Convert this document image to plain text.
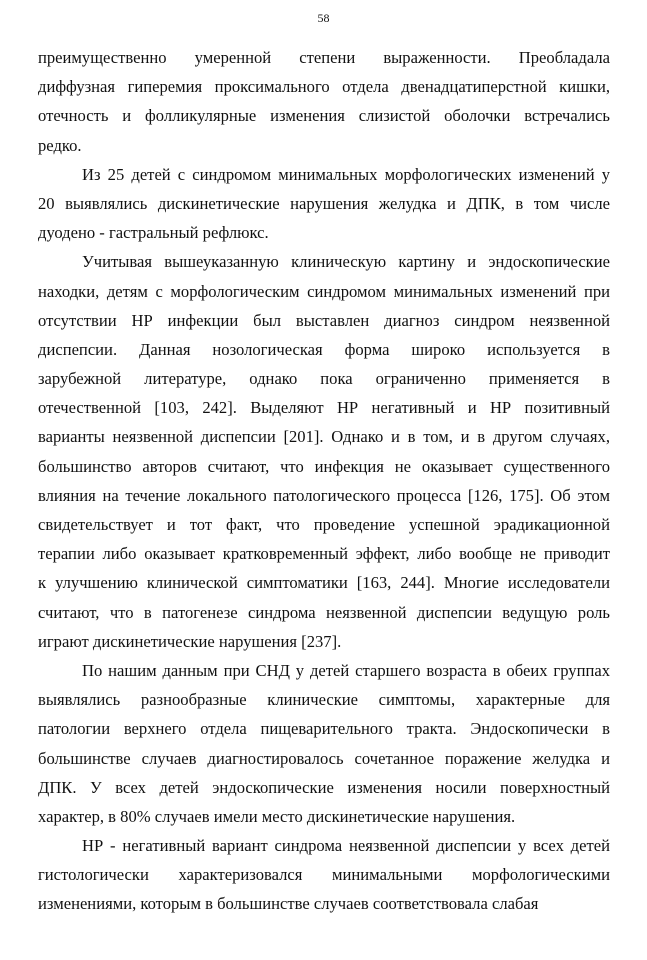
58
преимущественно умеренной степени выраженности. Преобладала
диффузная гиперемия проксимального отдела двенадцатиперстной кишки,
отечность и фолликулярные изменения слизистой оболочки встречались
редко.
Из 25 детей с синдромом минимальных морфологических изменений у
20 выявлялись дискинетические нарушения желудка и ДПК, в том числе
дуодено - гастральный рефлюкс.
Учитывая вышеуказанную клиническую картину и эндоскопические
находки, детям с морфологическим синдромом минимальных изменений при
отсутствии НР инфекции был выставлен диагноз синдром неязвенной
диспепсии. Данная нозологическая форма широко используется в
зарубежной литературе, однако пока ограниченно применяется в
отечественной [103, 242]. Выделяют НР негативный и НР позитивный
варианты неязвенной диспепсии [201]. Однако и в том, и в другом случаях,
большинство авторов считают, что инфекция не оказывает существенного
влияния на течение локального патологического процесса [126, 175]. Об этом
свидетельствует и тот факт, что проведение успешной эрадикационной
терапии либо оказывает кратковременный эффект, либо вообще не приводит
к улучшению клинической симптоматики [163, 244]. Многие исследователи
считают, что в патогенезе синдрома неязвенной диспепсии ведущую роль
играют дискинетические нарушения [237].
По нашим данным при СНД у детей старшего возраста в обеих группах
выявлялись разнообразные клинические симптомы, характерные для
патологии верхнего отдела пищеварительного тракта. Эндоскопически в
большинстве случаев диагностировалось сочетанное поражение желудка и
ДПК. У всех детей эндоскопические изменения носили поверхностный
характер, в 80% случаев имели место дискинетические нарушения.
НР - негативный вариант синдрома неязвенной диспепсии у всех детей
гистологически характеризовался минимальными морфологическими
изменениями, которым в большинстве случаев соответствовала слабая
